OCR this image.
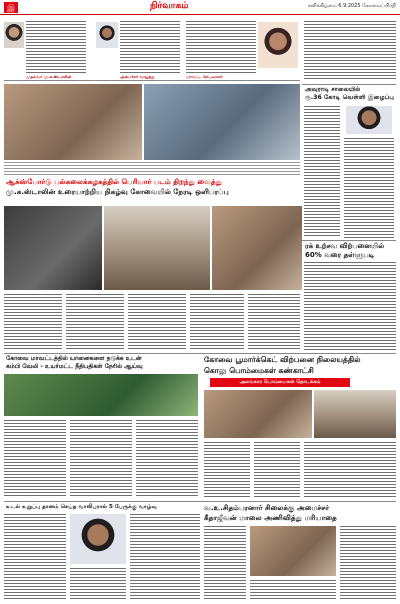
இ	நிர்வாகம்	சனிக்கிழமை 6.9.2025 கோவைப்பிரதி
முதல்வர் மு.க.ஸ்டாலின்	அமைச்சர் வாழ்த்து	மாவட்ட செயலாளர்
அவுராடி சாலையில்
ரூ.36 கோடி வெள்ளி இழைப்பு
ஆக்ஸ்போர்டு பல்கலைக்கழகத்தில் பெரியார் படம் திறந்து வைத்து
மு.க.ஸ்டாலின் உரையாற்றிய நிகழ்வு கோவையில் நேரடி ஒளிபரப்பு
ரக் உற்சவ விற்பனையில்
60% வரை தள்ளுபடி
கோவை மாவட்டத்தில் யானைகளை தடுக்க உடன்
கம்பி வேலி - உயர்மட்ட நீதிபதிகள் நேரில் ஆய்வு
கோவை பூமார்க்கெட் விற்பனை நிலையத்தில்
கொலு பொம்மைகள் கண்காட்சி
அலங்கார பொம்மைகள் தொடக்கம்
உடல் உறுப்பு தானம் செய்த வாலிபரால் 5 பேருக்கு வாழ்வு	வ.உ.சிதம்பரனார் சிலைக்கு அமைச்சர்
கீதாஜீவன் மாலை அணிவித்து மரியாதை
